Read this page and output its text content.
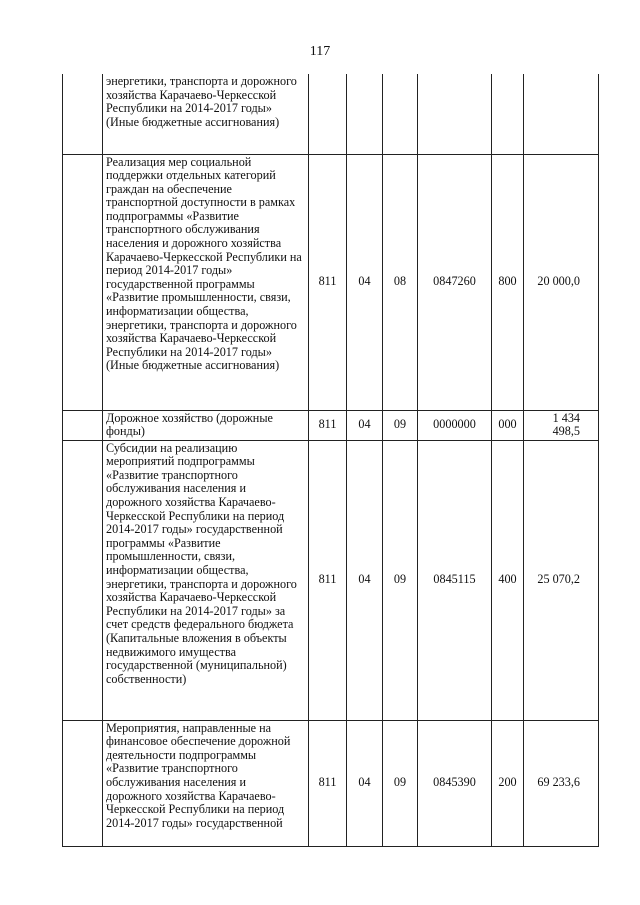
117
	энергетики, транспорта и дорожного хозяйства Карачаево-Черкесской Республики на 2014-2017 годы» (Иные бюджетные ассигнования)						
	Реализация мер социальной поддержки отдельных категорий граждан на обеспечение транспортной доступности в рамках подпрограммы «Развитие транспортного обслуживания населения и дорожного хозяйства Карачаево-Черкесской Республики на период 2014-2017 годы» государственной программы «Развитие промышленности, связи, информатизации общества, энергетики, транспорта и дорожного хозяйства Карачаево-Черкесской Республики на 2014-2017 годы» (Иные бюджетные ассигнования)	811	04	08	0847260	800	20 000,0
	Дорожное хозяйство (дорожные фонды)	811	04	09	0000000	000	1 434 498,5
	Субсидии на реализацию мероприятий подпрограммы «Развитие транспортного обслуживания населения и дорожного хозяйства Карачаево-Черкесской Республики на период 2014-2017 годы» государственной программы «Развитие промышленности, связи, информатизации общества, энергетики, транспорта и дорожного хозяйства Карачаево-Черкесской Республики на 2014-2017 годы» за счет средств федерального бюджета (Капитальные вложения в объекты недвижимого имущества государственной (муниципальной) собственности)	811	04	09	0845115	400	25 070,2
	Мероприятия, направленные на финансовое обеспечение дорожной деятельности подпрограммы «Развитие транспортного обслуживания населения и дорожного хозяйства Карачаево-Черкесской Республики на период 2014-2017 годы» государственной	811	04	09	0845390	200	69 233,6
